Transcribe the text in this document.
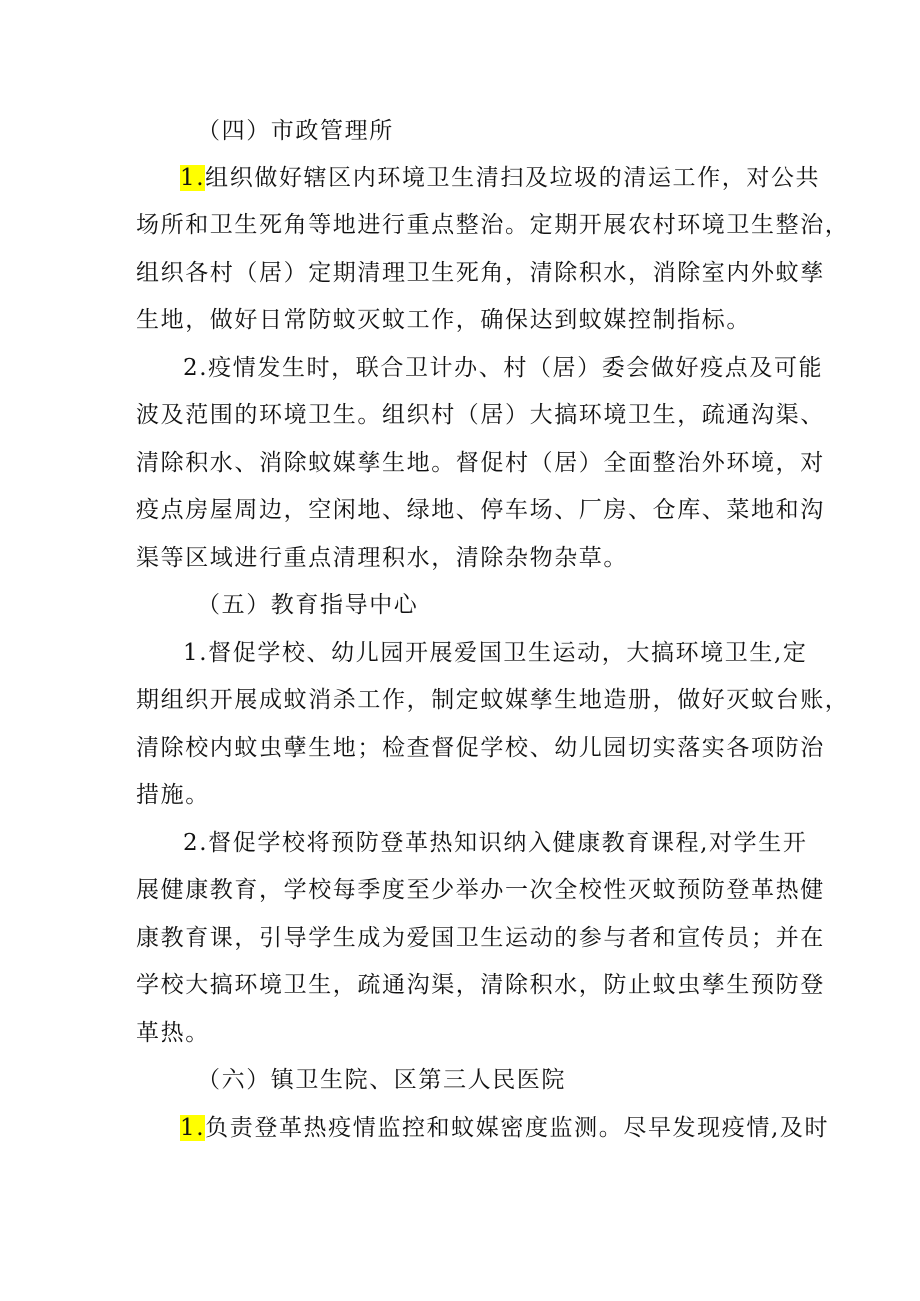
（四）市政管理所
1.组织做好辖区内环境卫生清扫及垃圾的清运工作，对公共
场所和卫生死角等地进行重点整治。定期开展农村环境卫生整治，
组织各村（居）定期清理卫生死角，清除积水，消除室内外蚊孳
生地，做好日常防蚊灭蚊工作，确保达到蚊媒控制指标。
2.疫情发生时，联合卫计办、村（居）委会做好疫点及可能
波及范围的环境卫生。组织村（居）大搞环境卫生，疏通沟渠、
清除积水、消除蚊媒孳生地。督促村（居）全面整治外环境，对
疫点房屋周边，空闲地、绿地、停车场、厂房、仓库、菜地和沟
渠等区域进行重点清理积水，清除杂物杂草。
（五）教育指导中心
1.督促学校、幼儿园开展爱国卫生运动，大搞环境卫生,定
期组织开展成蚊消杀工作，制定蚊媒孳生地造册，做好灭蚊台账，
清除校内蚊虫孽生地；检查督促学校、幼儿园切实落实各项防治
措施。
2.督促学校将预防登革热知识纳入健康教育课程,对学生开
展健康教育，学校每季度至少举办一次全校性灭蚊预防登革热健
康教育课，引导学生成为爱国卫生运动的参与者和宣传员；并在
学校大搞环境卫生，疏通沟渠，清除积水，防止蚊虫孳生预防登
革热。
（六）镇卫生院、区第三人民医院
1.负责登革热疫情监控和蚊媒密度监测。尽早发现疫情,及时
